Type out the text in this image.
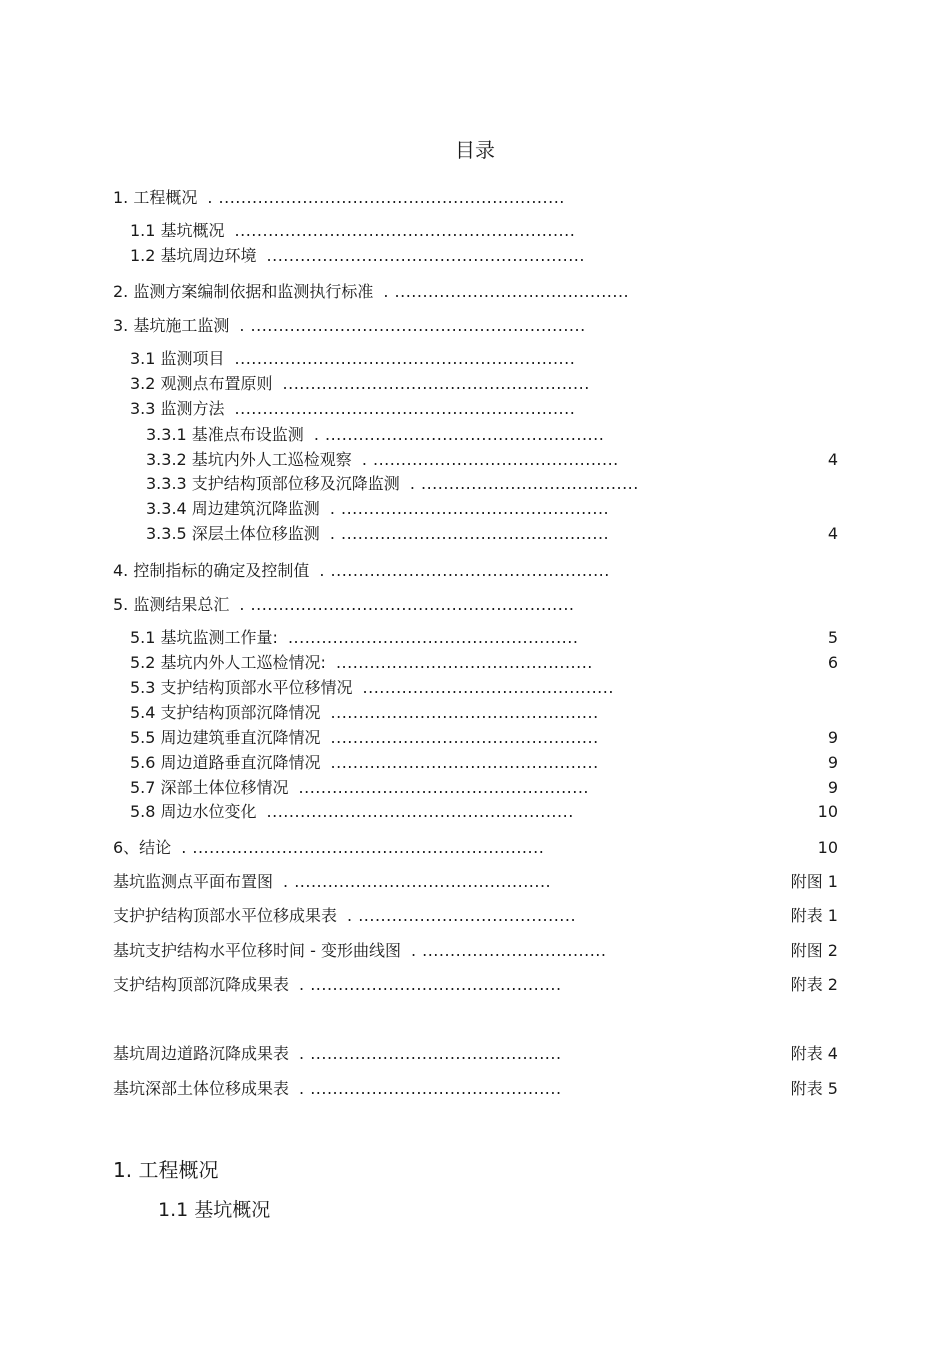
目录
1. 工程概况 . ..............................................................
1.1 基坑概况 .............................................................
1.2 基坑周边环境 .........................................................
2. 监测方案编制依据和监测执行标准 . ..........................................
3. 基坑施工监测 . ............................................................
3.1 监测项目 .............................................................
3.2 观测点布置原则 .......................................................
3.3 监测方法 .............................................................
3.3.1 基准点布设监测 . ..................................................
3.3.2 基坑内外人工巡检观察 . ............................................	4
3.3.3 支护结构顶部位移及沉降监测 . .......................................
3.3.4 周边建筑沉降监测 . ................................................
3.3.5 深层土体位移监测 . ................................................	4
4. 控制指标的确定及控制值 . ..................................................
5. 监测结果总汇 . ..........................................................
5.1 基坑监测工作量: ....................................................	5
5.2 基坑内外人工巡检情况: ..............................................	6
5.3 支护结构顶部水平位移情况 .............................................
5.4 支护结构顶部沉降情况 ................................................
5.5 周边建筑垂直沉降情况 ................................................	9
5.6 周边道路垂直沉降情况 ................................................	9
5.7 深部土体位移情况 ....................................................	9
5.8 周边水位变化 .......................................................	10
6、结论 . ...............................................................	10
基坑监测点平面布置图 . ..............................................	附图 1
支护护结构顶部水平位移成果表 . .......................................	附表 1
基坑支护结构水平位移时间 - 变形曲线图 . .................................	附图 2
支护结构顶部沉降成果表 . .............................................	附表 2
基坑周边道路沉降成果表 . .............................................	附表 4
基坑深部土体位移成果表 . .............................................	附表 5
1. 工程概况
1.1 基坑概况
